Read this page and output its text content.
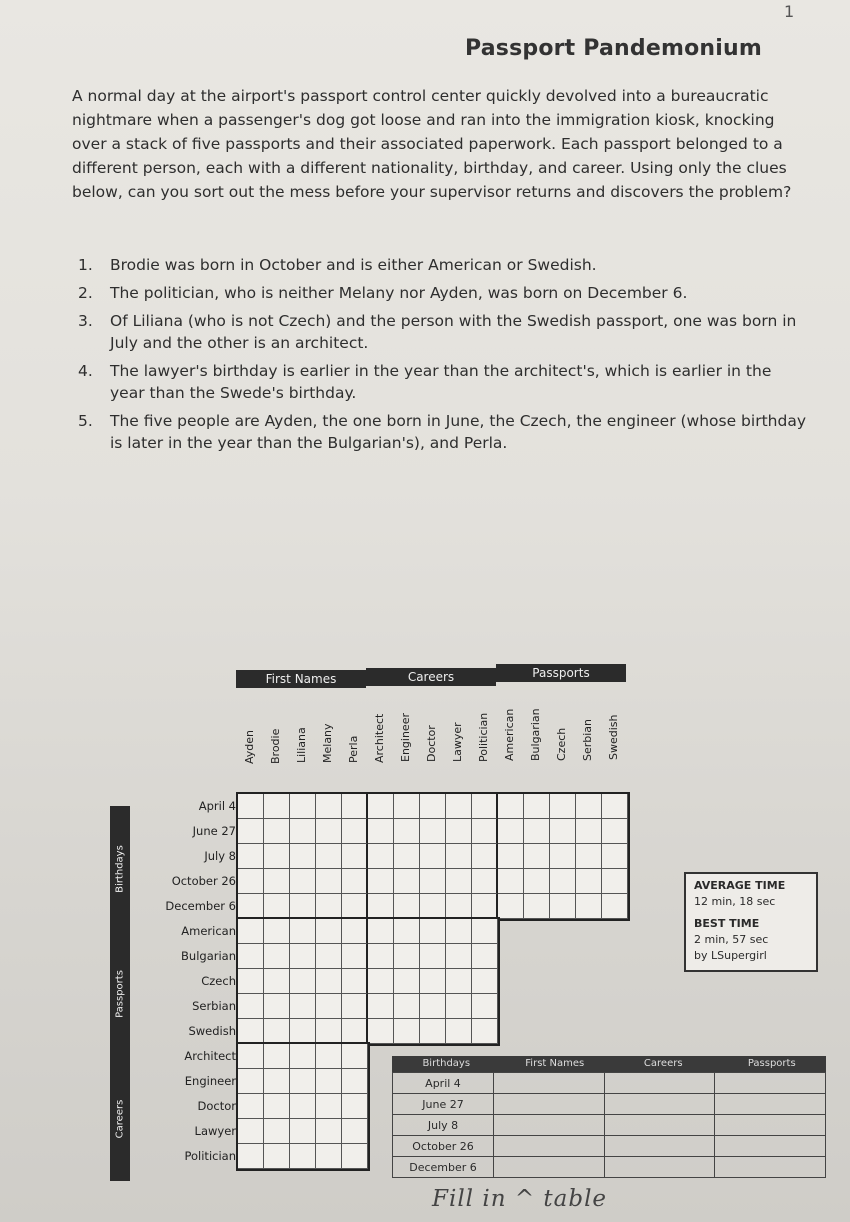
1
Passport Pandemonium
A normal day at the airport's passport control center quickly devolved into a bureaucratic nightmare when a passenger's dog got loose and ran into the immigration kiosk, knocking over a stack of five passports and their associated paperwork. Each passport belonged to a different person, each with a different nationality, birthday, and career. Using only the clues below, can you sort out the mess before your supervisor returns and discovers the problem?
1.	Brodie was born in October and is either American or Swedish.
2.	The politician, who is neither Melany nor Ayden, was born on December 6.
3.	Of Liliana (who is not Czech) and the person with the Swedish passport, one was born in July and the other is an architect.
4.	The lawyer's birthday is earlier in the year than the architect's, which is earlier in the year than the Swede's birthday.
5.	The five people are Ayden, the one born in June, the Czech, the engineer (whose birthday is later in the year than the Bulgarian's), and Perla.
First Names	Careers	Passports
Ayden Brodie Liliana Melany Perla Architect Engineer Doctor Lawyer Politician American Bulgarian Czech Serbian Swedish
Birthdays
Passports
Careers
April 4
June 27
July 8
October 26
December 6
American
Bulgarian
Czech
Serbian
Swedish
Architect
Engineer
Doctor
Lawyer
Politician
AVERAGE TIME
12 min, 18 sec
BEST TIME
2 min, 57 sec
by LSupergirl
Birthdays	First Names	Careers	Passports
April 4			
June 27			
July 8			
October 26			
December 6			
Fill in ^ table
